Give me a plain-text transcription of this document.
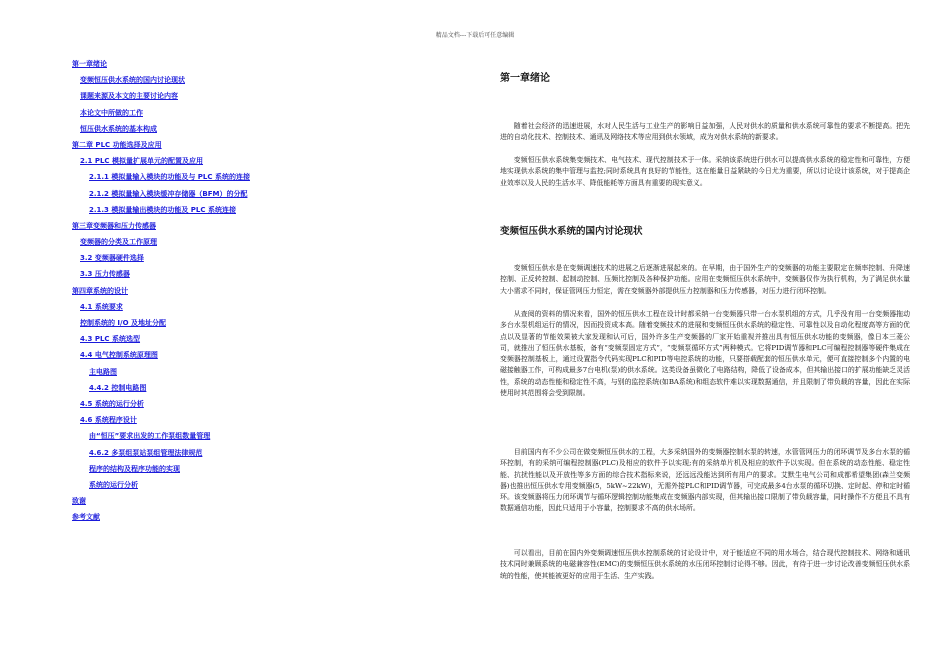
精品文档---下载后可任意编辑
第一章绪论
变频恒压供水系统的国内讨论现状
课题来源及本文的主要讨论内容
本论文中所做的工作
恒压供水系统的基本构成
第二章 PLC 功能选择及应用
2.1 PLC 模拟量扩展单元的配置及应用
2.1.1 模拟量输入模块的功能及与 PLC 系统的连接
2.1.2 模拟量输入模块缓冲存储器（BFM）的分配
2.1.3 模拟量输出模块的功能及 PLC 系统连接
第三章变频器和压力传感器
变频器的分类及工作原理
3.2 变频器硬件选择
3.3 压力传感器
第四章系统的设计
4.1 系统要求
控制系统的 I/O 及地址分配
4.3 PLC 系统选型
4.4 电气控制系统原理图
主电路图
4.4.2 控制电路图
4.5 系统的运行分析
4.6 系统程序设计
由“恒压”要求出发的工作泵组数量管理
4.6.2 多泵组泵站泵组管理法律规范
程序的结构及程序功能的实现
系统的运行分析
致谢
参考文献
第一章绪论
随着社会经济的迅速进展，水对人民生活与工业生产的影响日益加强，人民对供水的质量和供水系统可靠性的要求不断提高。把先进的自动化技术、控制技术、通讯及网络技术等应用到供水领域，成为对供水系统的新要求。
变频恒压供水系统集变频技术、电气技术、现代控制技术于一体。采纳该系统进行供水可以提高供水系统的稳定性和可靠性，方便地实现供水系统的集中管理与监控;同时系统具有良好的节能性，这在能量日益紧缺的今日尤为重要，所以讨论设计该系统，对于提高企业效率以及人民的生活水平、降低能耗等方面具有重要的现实意义。
变频恒压供水系统的国内讨论现状
变频恒压供水是在变频调速技术的进展之后逐渐进展起来的。在早期，由于国外生产的变频器的功能主要限定在频率控制、升降速控制、正反转控制、起制动控制、压频比控制及各种保护功能。应用在变频恒压供水系统中，变频器仅作为执行机构，为了满足供水量大小需求不同时，保证管网压力恒定，需在变频器外部提供压力控制器和压力传感器，对压力进行闭环控制。
从查阅的资料的情况来看，国外的恒压供水工程在设计时都采纳一台变频器只带一台水泵机组的方式，几乎没有用一台变频器拖动多台水泵机组运行的情况，因而投资成本高。随着变频技术的进展和变频恒压供水系统的稳定性、可靠性以及自动化程度高等方面的优点以及显著的节能效果被大家发现和认可后，国外许多生产变频器的厂家开始重视并推出具有恒压供水功能的变频器，像日本三菱公司，就推出了恒压供水基板，备有“变频泵固定方式”，“变频泵循环方式”两种模式。它将PID调节器和PLC可编程控制器等硬件集成在变频器控制基板上，通过设置指令代码实现PLC和PID等电控系统的功能，只要搭载配套的恒压供水单元，便可直接控制多个内置的电磁接触器工作，可构成最多7台电机(泵)的供水系统。这类设备虽微化了电路结构，降低了设备成本，但其输出接口的扩展功能缺乏灵活性，系统的动态性能和稳定性不高，与别的监控系统(如BA系统)和组态软件难以实现数据通信，并且限制了带负载的容量，因此在实际使用时其范围将会受到限制。
目前国内有不少公司在做变频恒压供水的工程，大多采纳国外的变频器控制水泵的转速，水管管网压力的闭环调节及多台水泵的循环控制，有的采纳可编程控制器(PLC)及相应的软件予以实现;有的采纳单片机及相应的软件予以实现。但在系统的动态性能、稳定性能、抗扰性能以及开放性等多方面的综合技术指标来说，还远远没能达到所有用户的要求。艾默生电气公司和成都希望集团(森兰变频器)也推出恒压供水专用变频器(5，5kW~22kW)，无需外接PLC和PID调节器，可完成最多4台水泵的循环切换、定时起、停和定时循环。该变频器将压力闭环调节与循环逻辑控制功能集成在变频器内部实现，但其输出接口限制了带负载容量，同时操作不方便且不具有数据通信功能，因此只适用于小容量，控制要求不高的供水场所。
可以看出，目前在国内外变频调速恒压供水控制系统的讨论设计中，对于能适应不同的用水场合，结合现代控制技术、网络和通讯技术同时兼顾系统的电磁兼容性(EMC)的变频恒压供水系统的水压闭环控制讨论得不够。因此，有待于进一步讨论改善变频恒压供水系统的性能，使其能被更好的应用于生活、生产实践。
